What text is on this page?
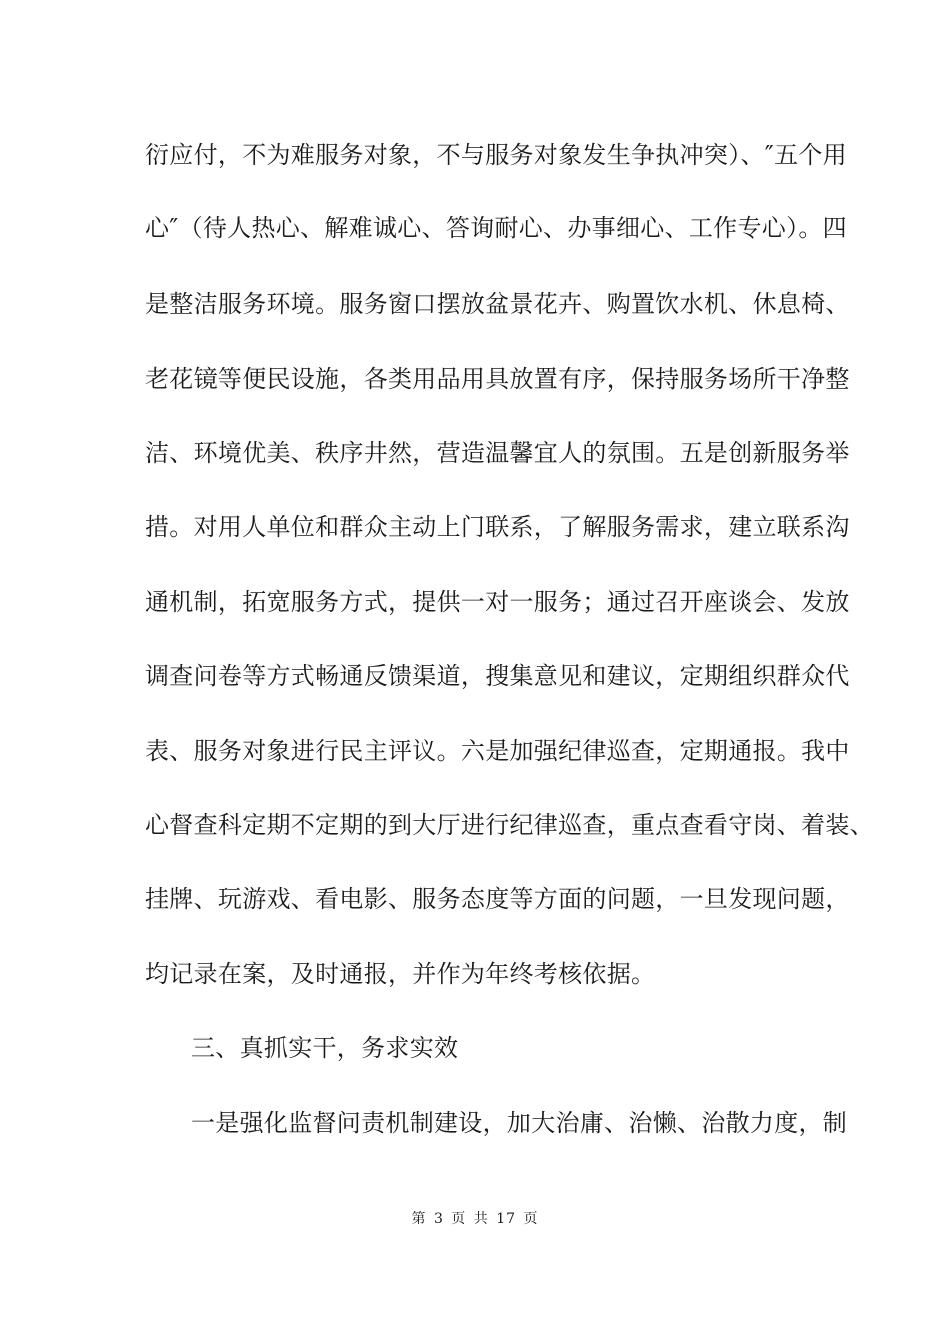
衍应付，不为难服务对象，不与服务对象发生争执冲突）、″五个用
心″（待人热心、解难诚心、答询耐心、办事细心、工作专心）。四
是整洁服务环境。服务窗口摆放盆景花卉、购置饮水机、休息椅、
老花镜等便民设施，各类用品用具放置有序，保持服务场所干净整
洁、环境优美、秩序井然，营造温馨宜人的氛围。五是创新服务举
措。对用人单位和群众主动上门联系，了解服务需求，建立联系沟
通机制，拓宽服务方式，提供一对一服务；通过召开座谈会、发放
调查问卷等方式畅通反馈渠道，搜集意见和建议，定期组织群众代
表、服务对象进行民主评议。六是加强纪律巡查，定期通报。我中
心督查科定期不定期的到大厅进行纪律巡查，重点查看守岗、着装、
挂牌、玩游戏、看电影、服务态度等方面的问题，一旦发现问题，
均记录在案，及时通报，并作为年终考核依据。
三、真抓实干，务求实效
一是强化监督问责机制建设，加大治庸、治懒、治散力度，制
第 3 页 共 17 页
